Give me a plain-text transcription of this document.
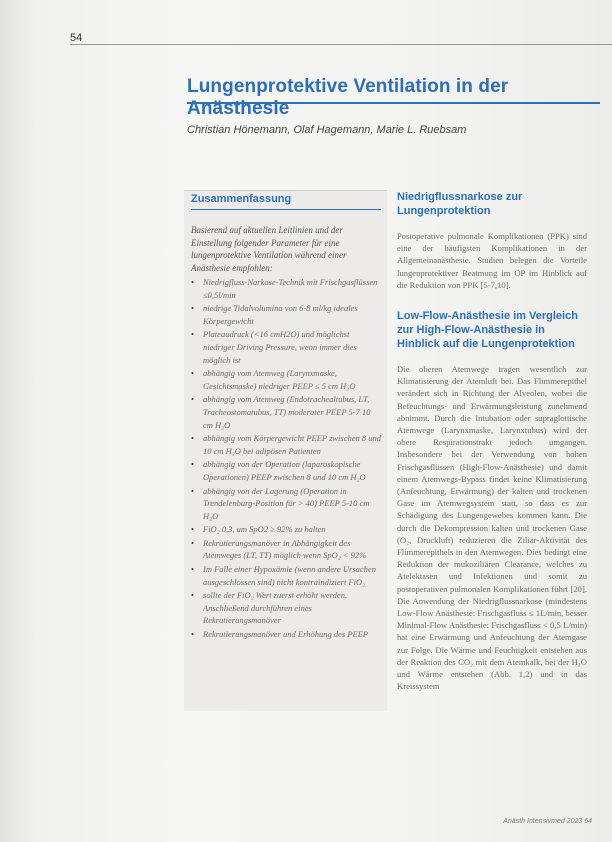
54
Lungenprotektive Ventilation in der Anästhesie
Christian Hönemann, Olaf Hagemann, Marie L. Ruebsam
Zusammenfassung
Basierend auf aktuellen Leitlinien und der Einstellung folgender Parameter für eine lungenprotektive Ventilation während einer Anästhesie empfohlen:
• Niedrigfluss-Narkose-Technik mit Frischgasflüssen ≤0,5l/min
• niedrige Tidalvolumina von 6-8 ml/kg ideales Körpergewicht
• Plateaudruck (<16 cmH2O) und möglichst niedriger Driving Pressure, wenn immer dies möglich ist
• abhängig vom Atemweg (Larynxmaske, Gesichtsmaske) niedriger PEEP ≤ 5 cm H₂O
• abhängig vom Atemweg (Endotrachealtubus, LT, Tracheostomatubus, TT) moderater PEEP 5-7 10 cm H₂O
• abhängig vom Körpergewicht PEEP zwischen 8 und 10 cm H₂O bei adipösen Patienten
• abhängig von der Operation (laparoskopische Operationen) PEEP zwischen 8 und 10 cm H₂O
• abhängig von der Lagerung (Operation in Trendelenburg-Position für > 40) PEEP 5-10 cm H₂O
• FiO₂ 0,3, um SpO2 ≥ 92% zu halten
• Rekrutierungsmanöver in Abhängigkeit des Atemweges (LT, TT) möglich wenn SpO₂ < 92%
• Im Falle einer Hypoxämie (wenn andere Ursachen ausgeschlossen sind) nicht kontraindiziert FiO₂
• sollte der FiO₂ Wert zuerst erhöht werden. Anschließend durchführen eines Rekrutierungsmanöver
• Rekrutierungsmanöver und Erhöhung des PEEP
Niedrigflussnarkose zur Lungenprotektion

Postoperative pulmonale Komplikationen (PPK) sind eine der häufigsten Komplikationen in der Allgemeinanästhesie. Studien belegen die Vorteile lungenprotektiver Beatmung im OP im Hinblick auf die Reduktion von PPK [5-7,10].

Low-Flow-Anästhesie im Vergleich zur High-Flow-Anästhesie in Hinblick auf die Lungenprotektion

Die oberen Atemwege tragen wesentlich zur Klimatisierung der Atemluft bei. Das Flimmerepithel verändert sich in Richtung der Alveolen, wobei die Befeuchtungs- und Erwärmungsleistung zunehmend abnimmt. Durch die Intubation oder supraglottische Atemwege (Larynxmaske, Larynxtubus) wird der obere Respirationstrakt jedoch umgangen. Insbesondere bei der Verwendung von hohen Frischgasflüssen (High-Flow-Anästhesie) und damit einem Atemwegs-Bypass findet keine Klimatisierung (Anfeuchtung, Erwärmung) der kalten und trockenen Gase im Atemwegsystem statt, so dass es zur Schädigung des Lungengewebes kommen kann. Die durch die Dekompression kalten und trockenen Gase (O₂, Druckluft) reduzieren die Ziliar-Aktivität des Flimmerepithels in den Atemwegen. Dies bedingt eine Reduktion der mukoziliären Clearance, welches zu Atelektasen und Infektionen und somit zu postoperativen pulmonalen Komplikationen führt [20]. Die Anwendung der Niedrigflussnarkose (mindestens Low-Flow Anästhesie: Frischgasfluss ≤ 1L/min, besser Minimal-Flow Anästhesie: Frischgasfluss < 0,5 L/min) hat eine Erwärmung und Anfeuchtung der Atemgase zur Folge. Die Wärme und Feuchtigkeit entstehen aus der Reaktion des CO₂ mit dem Atemkalk, bei der H₂O und Wärme entstehen (Abb. 1,2) und in das Kreissystem

Anästh Intensivmed 2023 64
